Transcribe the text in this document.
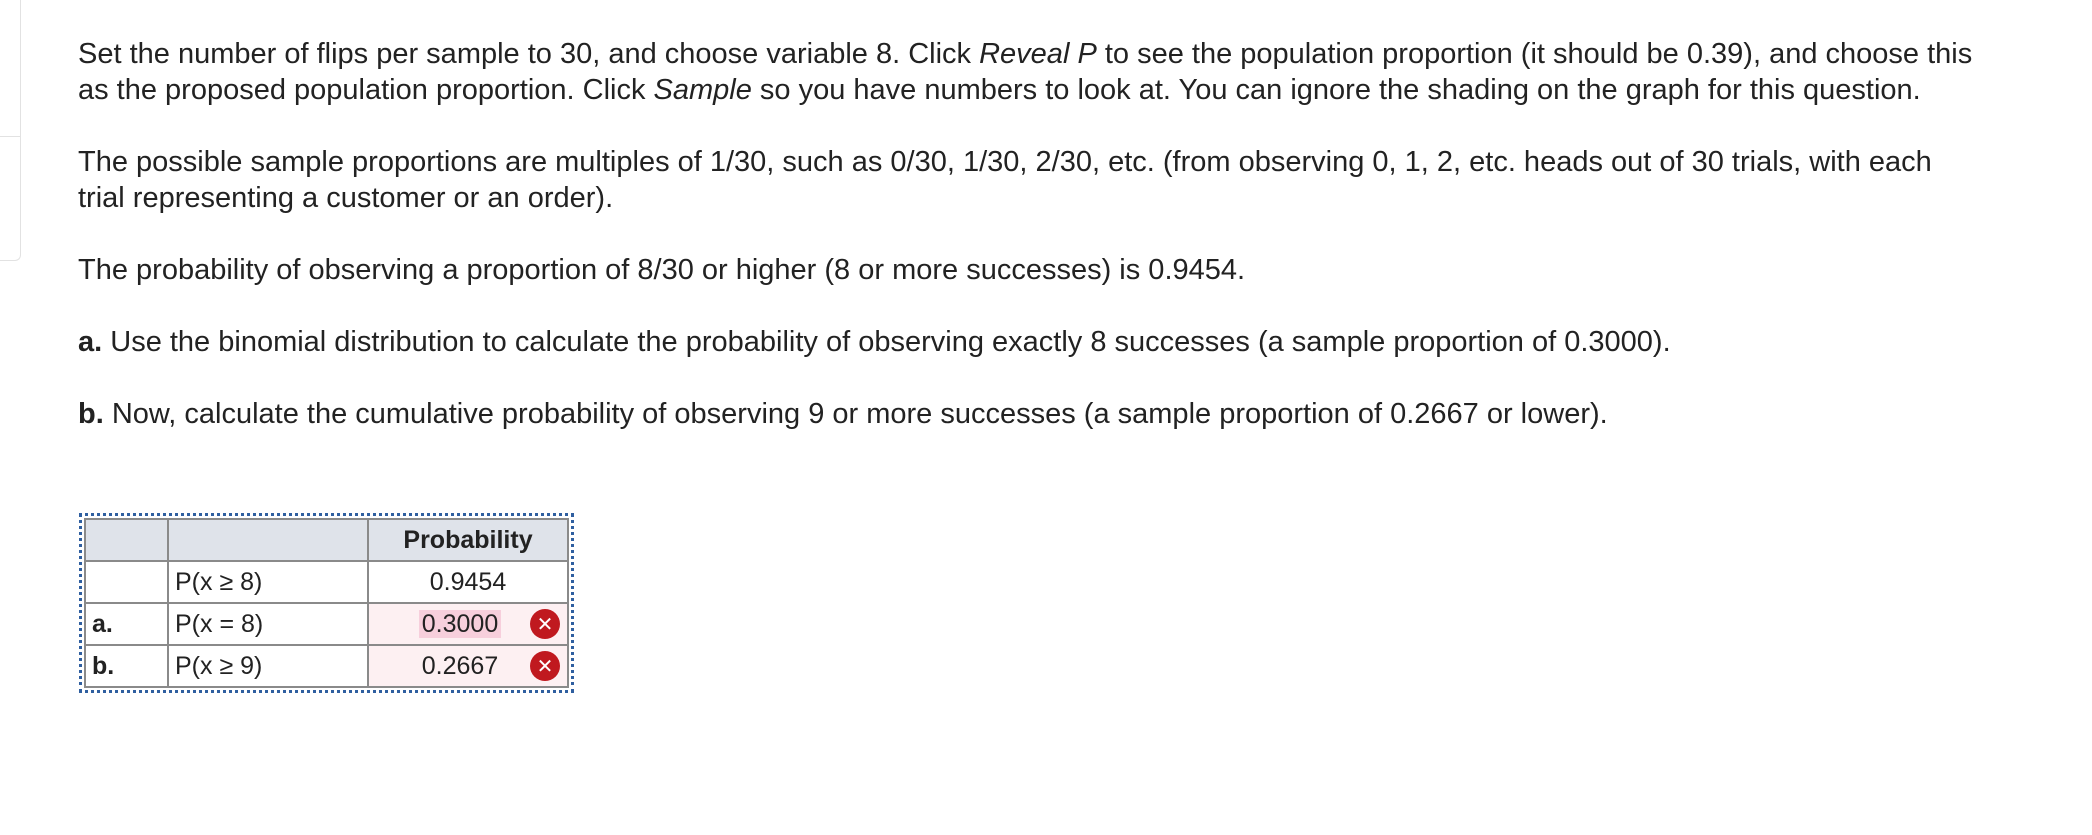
Set the number of flips per sample to 30, and choose variable 8. Click Reveal P to see the population proportion (it should be 0.39), and choose this as the proposed population proportion. Click Sample so you have numbers to look at. You can ignore the shading on the graph for this question.

The possible sample proportions are multiples of 1/30, such as 0/30, 1/30, 2/30, etc. (from observing 0, 1, 2, etc. heads out of 30 trials, with each trial representing a customer or an order).

The probability of observing a proportion of 8/30 or higher (8 or more successes) is 0.9454.

a. Use the binomial distribution to calculate the probability of observing exactly 8 successes (a sample proportion of 0.3000).

b. Now, calculate the cumulative probability of observing 9 or more successes (a sample proportion of 0.2667 or lower).

		Probability
	P(x ≥ 8)	0.9454
a.	P(x = 8)	0.3000 ✕

b.	P(x ≥ 9)	0.2667 ✕
